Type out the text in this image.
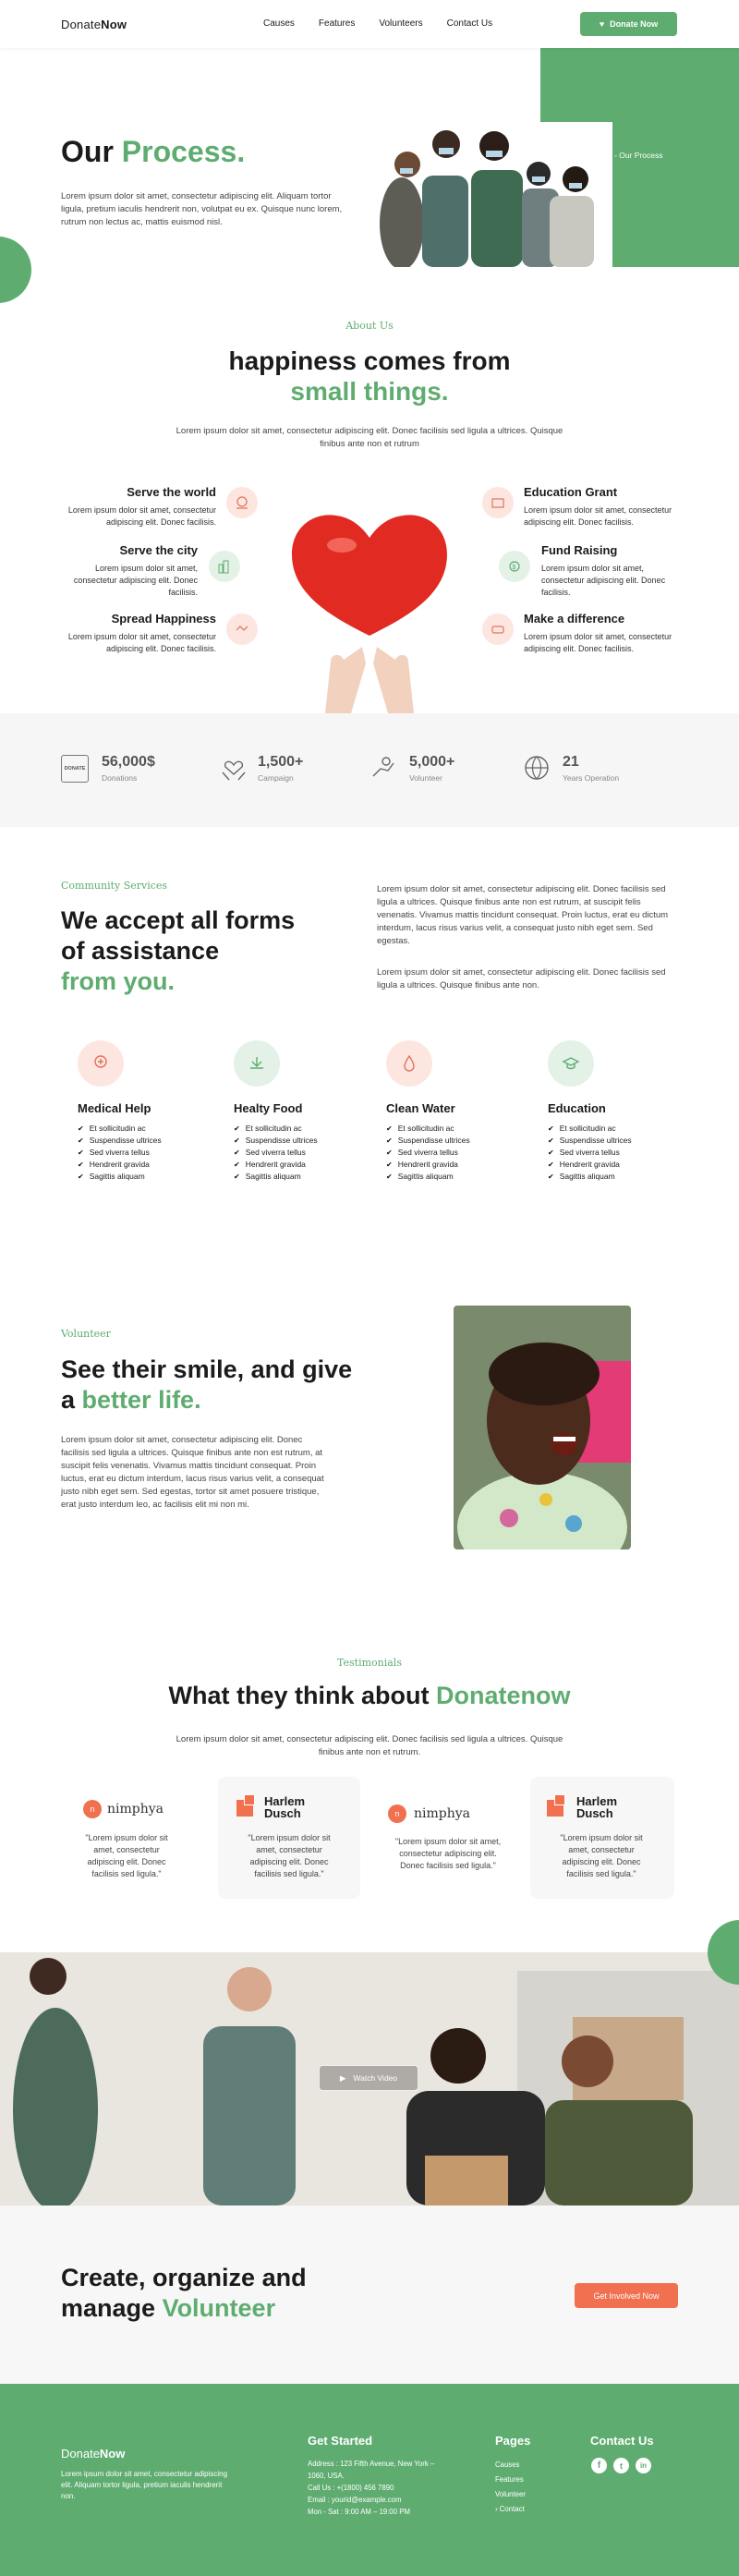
DonateNow	Causes	Features	Volunteers	Contact Us	♥ Donate Now
Our Process.

Lorem ipsum dolor sit amet, consectetur adipiscing elit. Aliquam tortor ligula, pretium iaculis hendrerit non, volutpat eu ex. Quisque nunc lorem, rutrum non lectus ac, mattis euismod nisl.

- Our Process
About Us
happiness comes from
small things.

Lorem ipsum dolor sit amet, consectetur adipiscing elit. Donec facilisis sed ligula a ultrices. Quisque finibus ante non et rutrum

Serve the world
Lorem ipsum dolor sit amet, consectetur adipiscing elit. Donec facilisis.
Serve the city
Lorem ipsum dolor sit amet, consectetur adipiscing elit. Donec facilisis.
Spread Happiness
Lorem ipsum dolor sit amet, consectetur adipiscing elit. Donec facilisis.
Education Grant
Lorem ipsum dolor sit amet, consectetur adipiscing elit. Donec facilisis.
$
Fund Raising
Lorem ipsum dolor sit amet, consectetur adipiscing elit. Donec facilisis.
Make a difference
Lorem ipsum dolor sit amet, consectetur adipiscing elit. Donec facilisis.
DONATE 56,000$
Donations
1,500+
Campaign
5,000+
Volunteer
21
Years Operation
Community Services
We accept all forms
of assistance
from you.

Lorem ipsum dolor sit amet, consectetur adipiscing elit. Donec facilisis sed ligula a ultrices. Quisque finibus ante non est rutrum, at suscipit felis venenatis. Vivamus mattis tincidunt consequat. Proin luctus, erat eu dictum interdum, lacus risus varius velit, a consequat justo nibh eget sem. Sed egestas.

Lorem ipsum dolor sit amet, consectetur adipiscing elit. Donec facilisis sed ligula a ultrices. Quisque finibus ante non.

Medical Help
✔ Et sollicitudin ac
✔ Suspendisse ultrices
✔ Sed viverra tellus
✔ Hendrerit gravida
✔ Sagittis aliquam
Healty Food
✔ Et sollicitudin ac
✔ Suspendisse ultrices
✔ Sed viverra tellus
✔ Hendrerit gravida
✔ Sagittis aliquam
Clean Water
✔ Et sollicitudin ac
✔ Suspendisse ultrices
✔ Sed viverra tellus
✔ Hendrerit gravida
✔ Sagittis aliquam
Education
✔ Et sollicitudin ac
✔ Suspendisse ultrices
✔ Sed viverra tellus
✔ Hendrerit gravida
✔ Sagittis aliquam
Volunteer
See their smile, and give
a better life.

Lorem ipsum dolor sit amet, consectetur adipiscing elit. Donec facilisis sed ligula a ultrices. Quisque finibus ante non est rutrum, at suscipit felis venenatis. Vivamus mattis tincidunt consequat. Proin luctus, erat eu dictum interdum, lacus risus varius velit, a consequat justo nibh eget sem. Sed egestas, tortor sit amet posuere tristique, erat justo interdum leo, ac facilisis elit mi non mi.

Testimonials
What they think about Donatenow

Lorem ipsum dolor sit amet, consectetur adipiscing elit. Donec facilisis sed ligula a ultrices. Quisque finibus ante non et rutrum.

n nimphya
"Lorem ipsum dolor sit amet, consectetur adipiscing elit. Donec facilisis sed ligula."
Harlem
Dusch
"Lorem ipsum dolor sit amet, consectetur adipiscing elit. Donec facilisis sed ligula."
n	nimphya
"Lorem ipsum dolor sit amet, consectetur adipiscing elit. Donec facilisis sed ligula."
Harlem
Dusch
"Lorem ipsum dolor sit amet, consectetur adipiscing elit. Donec facilisis sed ligula."
▶ Watch Video
Create, organize and
manage Volunteer	Get Involved Now
DonateNow
Lorem ipsum dolor sit amet, consectetur adipiscing elit. Aliquam tortor ligula, pretium iaculis hendrerit non.
Get Started
Address : 123 Fifth Avenue, New York – 1060, USA.
Call Us : +(1800) 456 7890
Email : yourid@example.com
Mon - Sat : 9:00 AM – 19:00 PM
Pages
Causes
Features
Volunteer
› Contact
Contact Us
f	t	in
